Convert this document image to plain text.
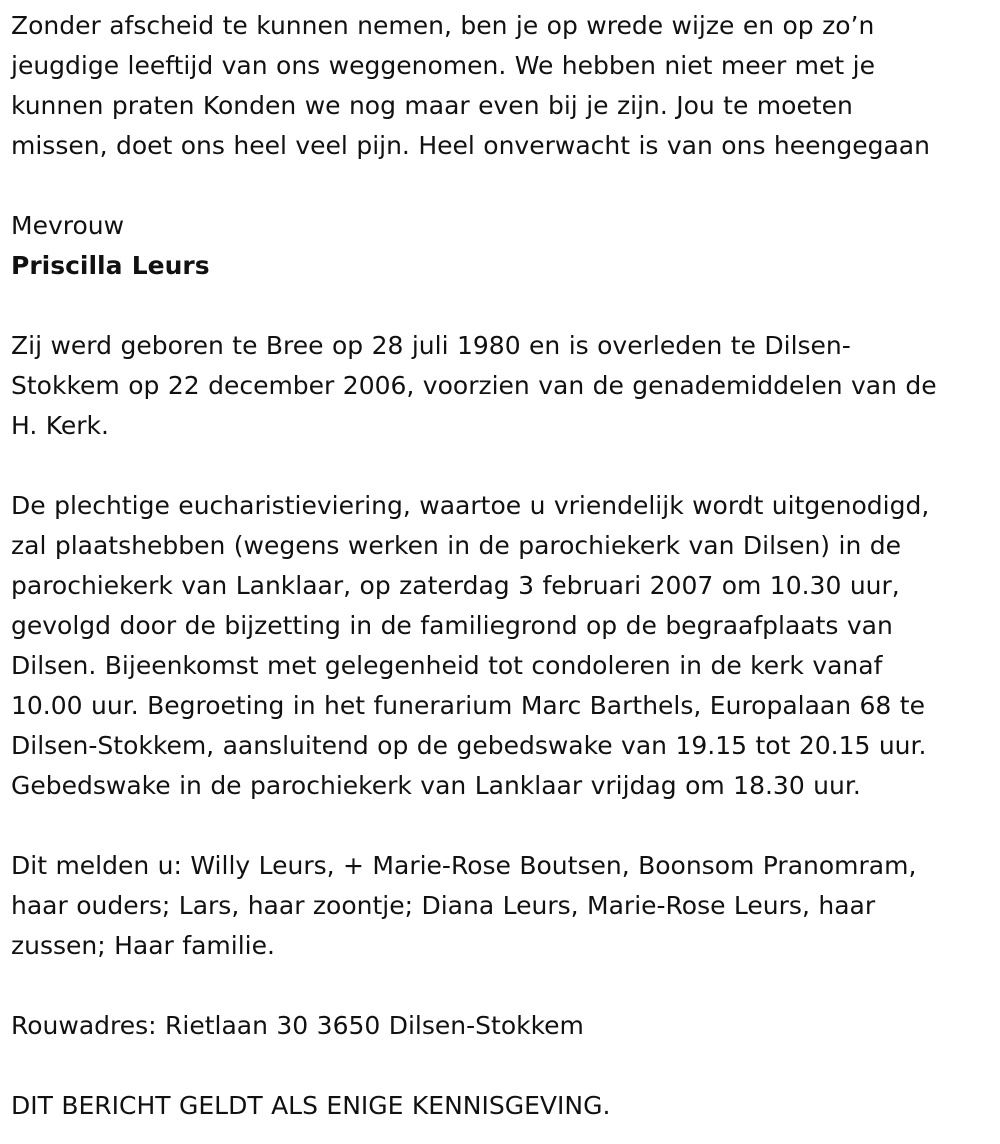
Zonder afscheid te kunnen nemen, ben je op wrede wijze en op zo’n
jeugdige leeftijd van ons weggenomen. We hebben niet meer met je
kunnen praten Konden we nog maar even bij je zijn. Jou te moeten
missen, doet ons heel veel pijn. Heel onverwacht is van ons heengegaan

Mevrouw

Priscilla Leurs

Zij werd geboren te Bree op 28 juli 1980 en is overleden te Dilsen-
Stokkem op 22 december 2006, voorzien van de genademiddelen van de
H. Kerk.

De plechtige eucharistieviering, waartoe u vriendelijk wordt uitgenodigd,
zal plaatshebben (wegens werken in de parochiekerk van Dilsen) in de
parochiekerk van Lanklaar, op zaterdag 3 februari 2007 om 10.30 uur,
gevolgd door de bijzetting in de familiegrond op de begraafplaats van
Dilsen. Bijeenkomst met gelegenheid tot condoleren in de kerk vanaf
10.00 uur. Begroeting in het funerarium Marc Barthels, Europalaan 68 te
Dilsen-Stokkem, aansluitend op de gebedswake van 19.15 tot 20.15 uur.
Gebedswake in de parochiekerk van Lanklaar vrijdag om 18.30 uur.

Dit melden u: Willy Leurs, + Marie-Rose Boutsen, Boonsom Pranomram,
haar ouders; Lars, haar zoontje; Diana Leurs, Marie-Rose Leurs, haar
zussen; Haar familie.

Rouwadres: Rietlaan 30 3650 Dilsen-Stokkem

DIT BERICHT GELDT ALS ENIGE KENNISGEVING.
